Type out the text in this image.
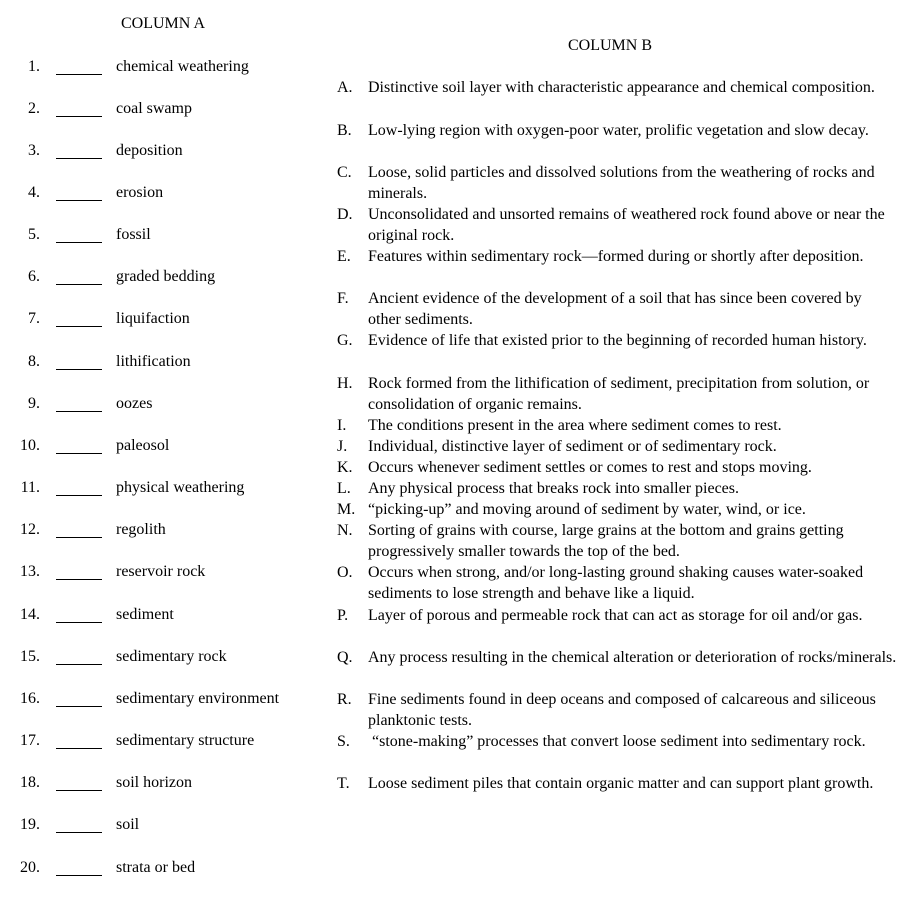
COLUMN A
COLUMN B
1.	chemical weathering
2.	coal swamp
3.	deposition
4.	erosion
5.	fossil
6.	graded bedding
7.	liquifaction
8.	lithification
9.	oozes
10.	paleosol
11.	physical weathering
12.	regolith
13.	reservoir rock
14.	sediment
15.	sedimentary rock
16.	sedimentary environment
17.	sedimentary structure
18.	soil horizon
19.	soil
20.	strata or bed
A. Distinctive soil layer with characteristic appearance and chemical composition.
B. Low-lying region with oxygen-poor water, prolific vegetation and slow decay.
C. Loose, solid particles and dissolved solutions from the weathering of rocks and minerals.
D. Unconsolidated and unsorted remains of weathered rock found above or near the original rock.
E. Features within sedimentary rock—formed during or shortly after deposition.
F. Ancient evidence of the development of a soil that has since been covered by other sediments.
G. Evidence of life that existed prior to the beginning of recorded human history.
H. Rock formed from the lithification of sediment, precipitation from solution, or consolidation of organic remains.
I. The conditions present in the area where sediment comes to rest.
J. Individual, distinctive layer of sediment or of sedimentary rock.
K. Occurs whenever sediment settles or comes to rest and stops moving.
L. Any physical process that breaks rock into smaller pieces.
M. “picking-up” and moving around of sediment by water, wind, or ice.
N. Sorting of grains with course, large grains at the bottom and grains getting progressively smaller towards the top of the bed.
O. Occurs when strong, and/or long-lasting ground shaking causes water-soaked sediments to lose strength and behave like a liquid.
P. Layer of porous and permeable rock that can act as storage for oil and/or gas.
Q. Any process resulting in the chemical alteration or deterioration of rocks/minerals.
R. Fine sediments found in deep oceans and composed of calcareous and siliceous planktonic tests.
S. “stone-making” processes that convert loose sediment into sedimentary rock.
T. Loose sediment piles that contain organic matter and can support plant growth.
